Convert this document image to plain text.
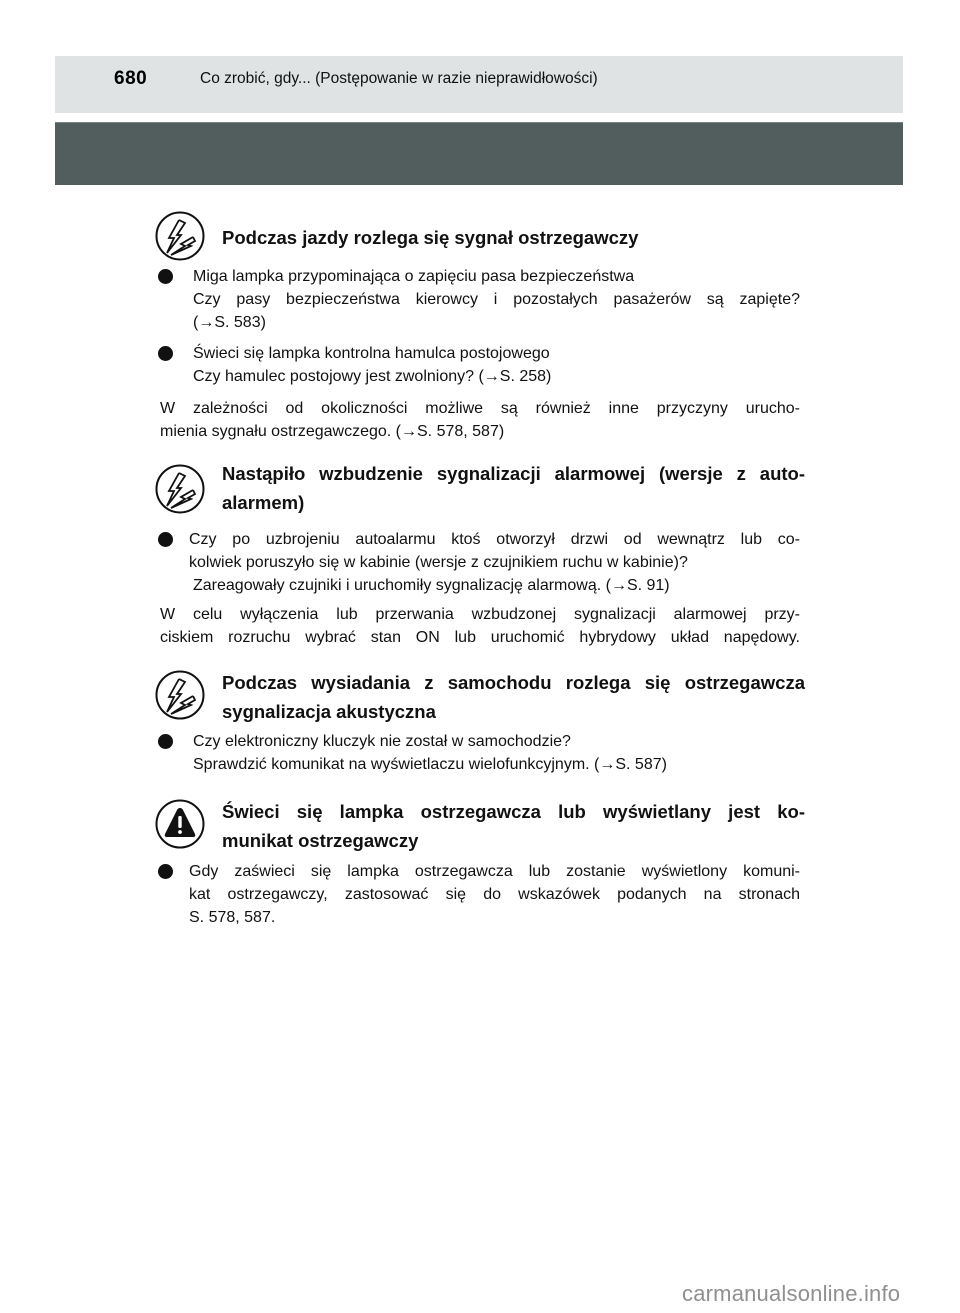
680	Co zrobić, gdy... (Postępowanie w razie nieprawidłowości)
Podczas jazdy rozlega się sygnał ostrzegawczy
Miga lampka przypominająca o zapięciu pasa bezpieczeństwa
Czy pasy bezpieczeństwa kierowcy i pozostałych pasażerów są zapięte?
(→S. 583)
Świeci się lampka kontrolna hamulca postojowego
Czy hamulec postojowy jest zwolniony? (→S. 258)
W zależności od okoliczności możliwe są również inne przyczyny urucho-
mienia sygnału ostrzegawczego. (→S. 578, 587)
Nastąpiło wzbudzenie sygnalizacji alarmowej (wersje z auto-
alarmem)
Czy po uzbrojeniu autoalarmu ktoś otworzył drzwi od wewnątrz lub co-
kolwiek poruszyło się w kabinie (wersje z czujnikiem ruchu w kabinie)?
Zareagowały czujniki i uruchomiły sygnalizację alarmową. (→S. 91)
W celu wyłączenia lub przerwania wzbudzonej sygnalizacji alarmowej przy-
ciskiem rozruchu wybrać stan ON lub uruchomić hybrydowy układ napędowy.
Podczas wysiadania z samochodu rozlega się ostrzegawcza
sygnalizacja akustyczna
Czy elektroniczny kluczyk nie został w samochodzie?
Sprawdzić komunikat na wyświetlaczu wielofunkcyjnym. (→S. 587)
Świeci się lampka ostrzegawcza lub wyświetlany jest ko-
munikat ostrzegawczy
Gdy zaświeci się lampka ostrzegawcza lub zostanie wyświetlony komuni-
kat ostrzegawczy, zastosować się do wskazówek podanych na stronach
S. 578, 587.
carmanualsonline.info
